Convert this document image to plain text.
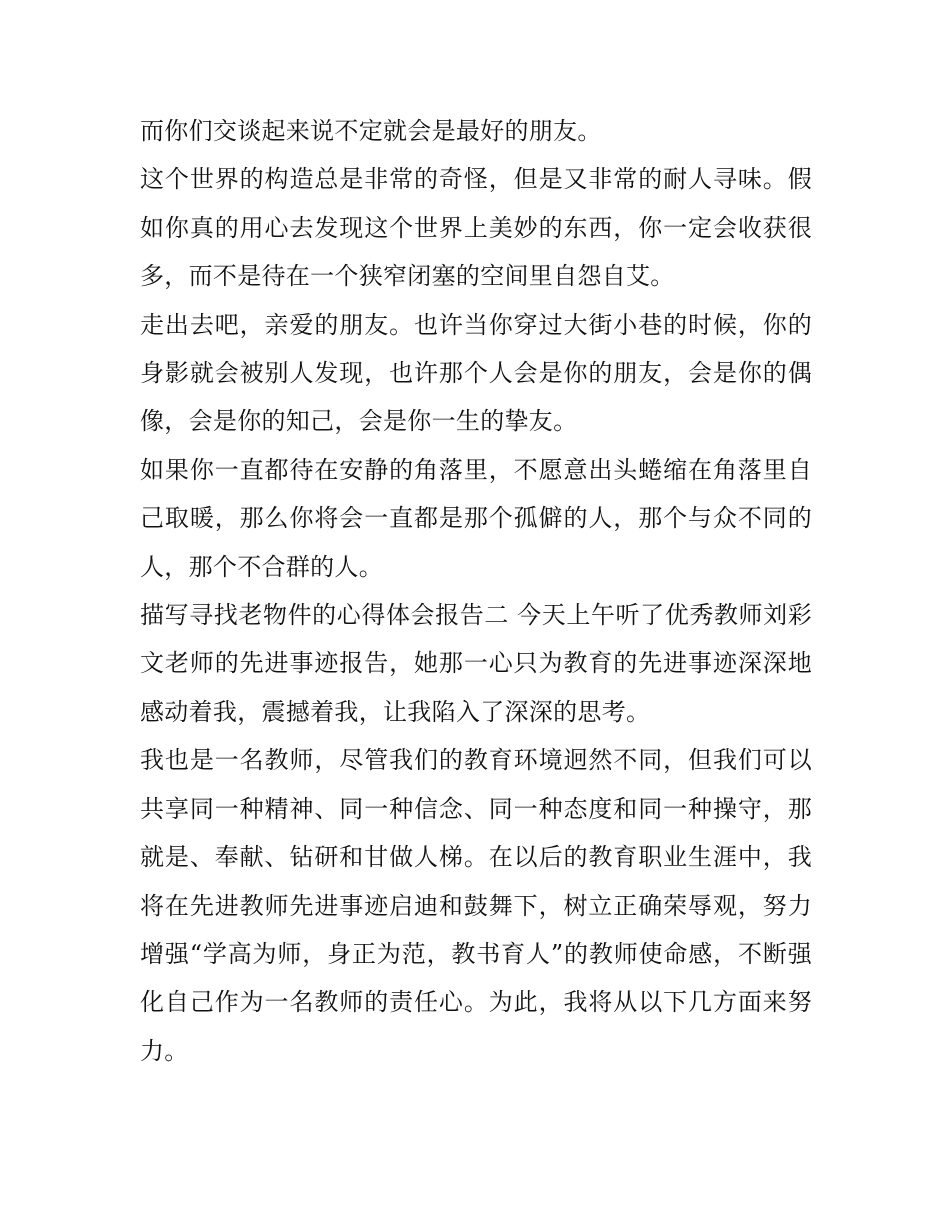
而你们交谈起来说不定就会是最好的朋友。

这个世界的构造总是非常的奇怪，但是又非常的耐人寻味。假如你真的用心去发现这个世界上美妙的东西，你一定会收获很多，而不是待在一个狭窄闭塞的空间里自怨自艾。

走出去吧，亲爱的朋友。也许当你穿过大街小巷的时候，你的身影就会被别人发现，也许那个人会是你的朋友，会是你的偶像，会是你的知己，会是你一生的挚友。

如果你一直都待在安静的角落里，不愿意出头蜷缩在角落里自己取暖，那么你将会一直都是那个孤僻的人，那个与众不同的人，那个不合群的人。

描写寻找老物件的心得体会报告二 今天上午听了优秀教师刘彩文老师的先进事迹报告，她那一心只为教育的先进事迹深深地感动着我，震撼着我，让我陷入了深深的思考。

我也是一名教师，尽管我们的教育环境迥然不同，但我们可以共享同一种精神、同一种信念、同一种态度和同一种操守，那就是、奉献、钻研和甘做人梯。在以后的教育职业生涯中，我将在先进教师先进事迹启迪和鼓舞下，树立正确荣辱观，努力增强“学高为师，身正为范，教书育人”的教师使命感，不断强化自己作为一名教师的责任心。为此，我将从以下几方面来努力。
